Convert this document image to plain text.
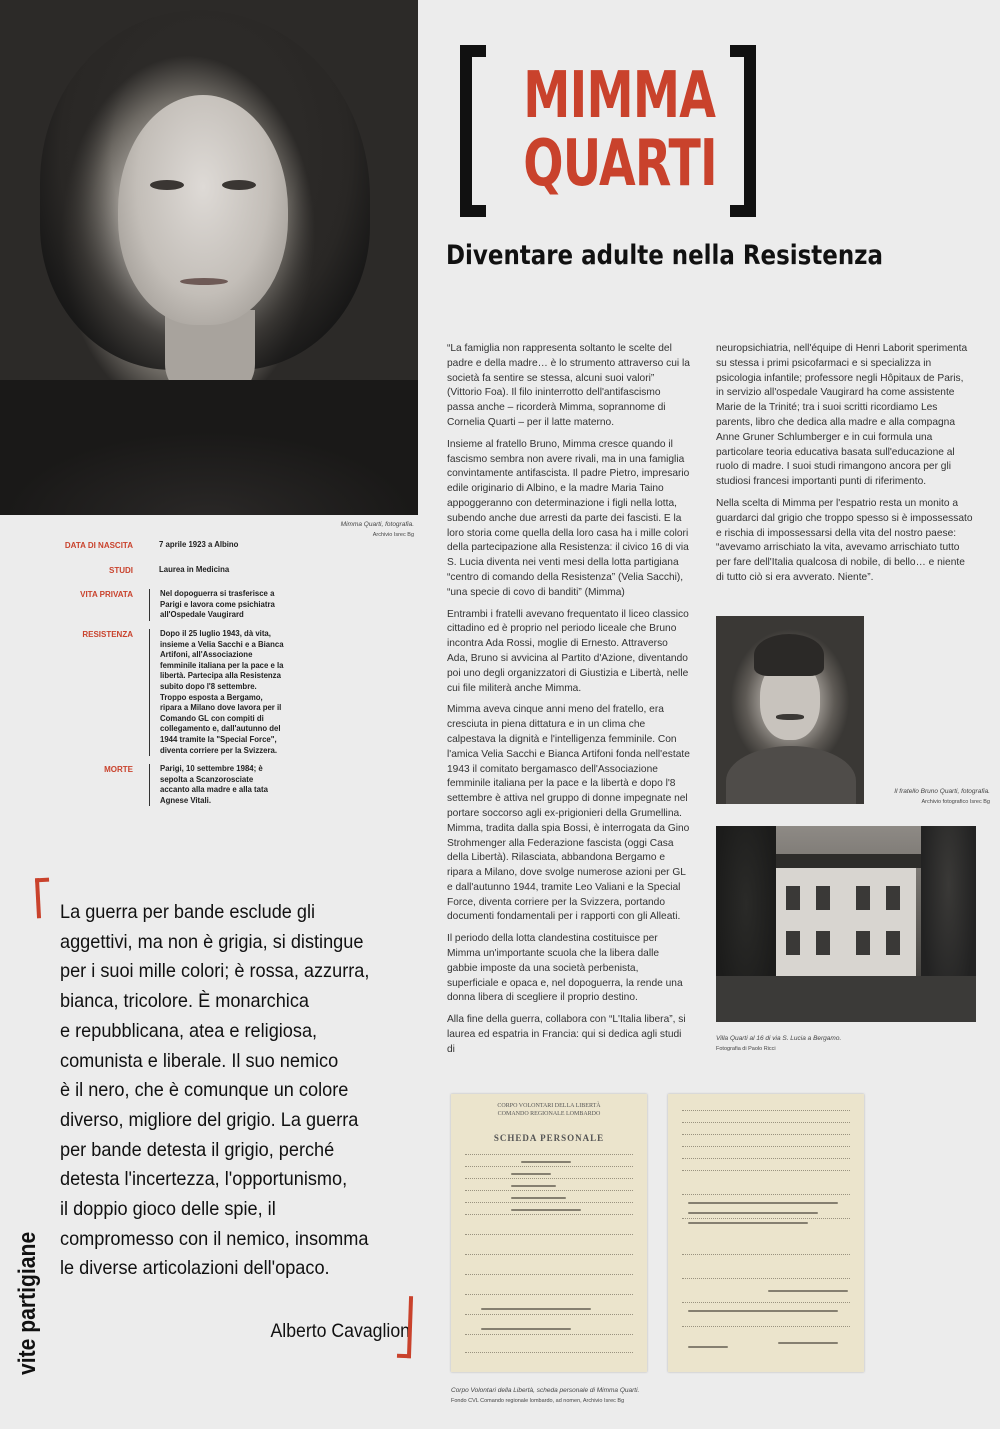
Mimma Quarti, fotografia.
Archivio Isrec Bg
MIMMA
QUARTI
Diventare adulte nella Resistenza
DATA DI NASCITA	7 aprile 1923 a Albino
STUDI	Laurea in Medicina
VITA PRIVATA	Nel dopoguerra si trasferisce a Parigi e lavora come psichiatra all'Ospedale Vaugirard
RESISTENZA	Dopo il 25 luglio 1943, dà vita, insieme a Velia Sacchi e a Bianca Artifoni, all'Associazione femminile italiana per la pace e la libertà. Partecipa alla Resistenza subito dopo l'8 settembre. Troppo esposta a Bergamo, ripara a Milano dove lavora per il Comando GL con compiti di collegamento e, dall'autunno del 1944 tramite la "Special Force", diventa corriere per la Svizzera.
MORTE	Parigi, 10 settembre 1984; è sepolta a Scanzorosciate accanto alla madre e alla tata Agnese Vitali.
La guerra per bande esclude gli
aggettivi, ma non è grigia, si distingue
per i suoi mille colori; è rossa, azzurra,
bianca, tricolore. È monarchica
e repubblicana, atea e religiosa,
comunista e liberale. Il suo nemico
è il nero, che è comunque un colore
diverso, migliore del grigio. La guerra
per bande detesta il grigio, perché
detesta l'incertezza, l'opportunismo,
il doppio gioco delle spie, il
compromesso con il nemico, insomma
le diverse articolazioni dell'opaco.
Alberto Cavaglion
vite partigiane

“La famiglia non rappresenta soltanto le scelte del padre e della madre… è lo strumento attraverso cui la società fa sentire se stessa, alcuni suoi valori” (Vittorio Foa). Il filo ininterrotto dell'antifascismo passa anche – ricorderà Mimma, soprannome di Cornelia Quarti – per il latte materno.

Insieme al fratello Bruno, Mimma cresce quando il fascismo sembra non avere rivali, ma in una famiglia convintamente antifascista. Il padre Pietro, impresario edile originario di Albino, e la madre Maria Taino appoggeranno con determinazione i figli nella lotta, subendo anche due arresti da parte dei fascisti. E la loro storia come quella della loro casa ha i mille colori della partecipazione alla Resistenza: il civico 16 di via S. Lucia diventa nei venti mesi della lotta partigiana “centro di comando della Resistenza” (Velia Sacchi), “una specie di covo di banditi” (Mimma)

Entrambi i fratelli avevano frequentato il liceo classico cittadino ed è proprio nel periodo liceale che Bruno incontra Ada Rossi, moglie di Ernesto. Attraverso Ada, Bruno si avvicina al Partito d'Azione, diventando poi uno degli organizzatori di Giustizia e Libertà, nelle cui file militerà anche Mimma.

Mimma aveva cinque anni meno del fratello, era cresciuta in piena dittatura e in un clima che calpestava la dignità e l'intelligenza femminile. Con l'amica Velia Sacchi e Bianca Artifoni fonda nell'estate 1943 il comitato bergamasco dell'Associazione femminile italiana per la pace e la libertà e dopo l'8 settembre è attiva nel gruppo di donne impegnate nel portare soccorso agli ex-prigionieri della Grumellina. Mimma, tradita dalla spia Bossi, è interrogata da Gino Strohmenger alla Federazione fascista (oggi Casa della Libertà). Rilasciata, abbandona Bergamo e ripara a Milano, dove svolge numerose azioni per GL e dall'autunno 1944, tramite Leo Valiani e la Special Force, diventa corriere per la Svizzera, portando documenti fondamentali per i rapporti con gli Alleati.

Il periodo della lotta clandestina costituisce per Mimma un'importante scuola che la libera dalle gabbie imposte da una società perbenista, superficiale e opaca e, nel dopoguerra, la rende una donna libera di scegliere il proprio destino.

Alla fine della guerra, collabora con “L'Italia libera”, si laurea ed espatria in Francia: qui si dedica agli studi di

neuropsichiatria, nell'équipe di Henri Laborit sperimenta su stessa i primi psicofarmaci e si specializza in psicologia infantile; professore negli Hôpitaux de Paris, in servizio all'ospedale Vaugirard ha come assistente Marie de la Trinité; tra i suoi scritti ricordiamo Les parents, libro che dedica alla madre e alla compagna Anne Gruner Schlumberger e in cui formula una particolare teoria educativa basata sull'educazione al ruolo di madre. I suoi studi rimangono ancora per gli studiosi francesi importanti punti di riferimento.

Nella scelta di Mimma per l'espatrio resta un monito a guardarci dal grigio che troppo spesso si è impossessato e rischia di impossessarsi della vita del nostro paese: “avevamo arrischiato la vita, avevamo arrischiato tutto per fare dell'Italia qualcosa di nobile, di bello… e niente di tutto ciò si era avverato. Niente”.

Il fratello Bruno Quarti, fotografia.
Archivio fotografico Isrec Bg
Villa Quarti al 16 di via S. Lucia a Bergamo.
Fotografia di Paolo Ricci
CORPO VOLONTARI DELLA LIBERTÀ
COMANDO REGIONALE LOMBARDO
SCHEDA PERSONALE
Corpo Volontari della Libertà, scheda personale di Mimma Quarti.
Fondo CVL Comando regionale lombardo, ad nomen, Archivio Isrec Bg
